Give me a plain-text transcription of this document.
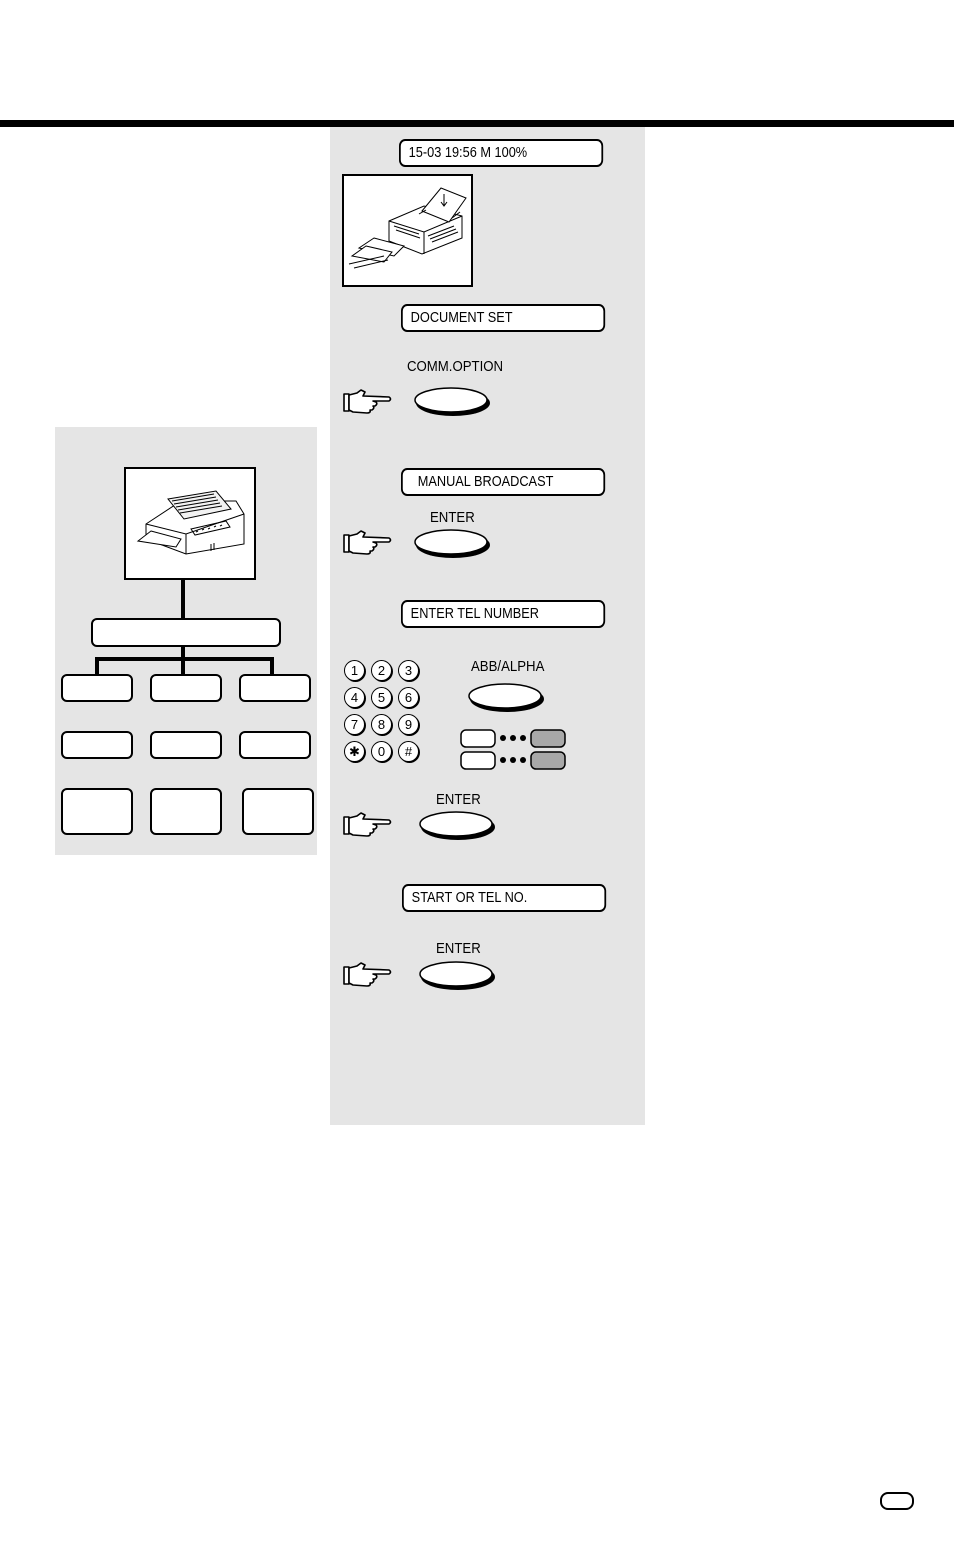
15-03 19:56 M 100%
DOCUMENT SET
COMM.OPTION
MANUAL BROADCAST
ENTER
ENTER TEL NUMBER
1	2	3
4	5	6
7	8	9
✱	0	#
ABB/ALPHA
ENTER
START OR TEL NO.
ENTER
